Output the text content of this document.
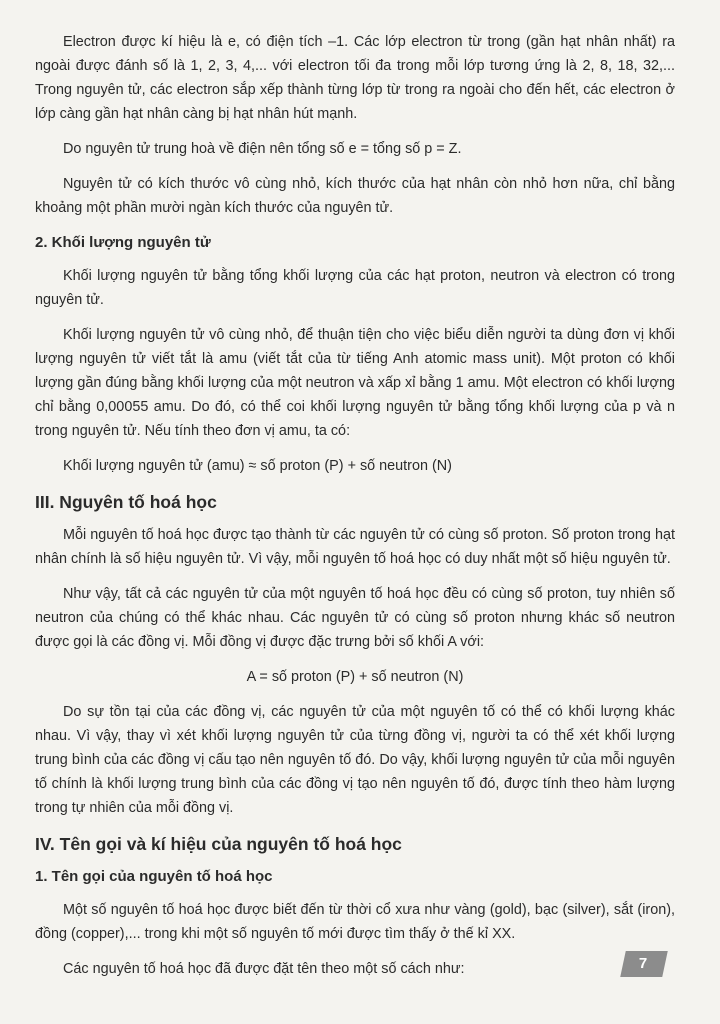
Electron được kí hiệu là e, có điện tích –1. Các lớp electron từ trong (gần hạt nhân nhất) ra ngoài được đánh số là 1, 2, 3, 4,... với electron tối đa trong mỗi lớp tương ứng là 2, 8, 18, 32,... Trong nguyên tử, các electron sắp xếp thành từng lớp từ trong ra ngoài cho đến hết, các electron ở lớp càng gần hạt nhân càng bị hạt nhân hút mạnh.

Do nguyên tử trung hoà về điện nên tổng số e = tổng số p = Z.

Nguyên tử có kích thước vô cùng nhỏ, kích thước của hạt nhân còn nhỏ hơn nữa, chỉ bằng khoảng một phần mười ngàn kích thước của nguyên tử.

2. Khối lượng nguyên tử

Khối lượng nguyên tử bằng tổng khối lượng của các hạt proton, neutron và electron có trong nguyên tử.

Khối lượng nguyên tử vô cùng nhỏ, để thuận tiện cho việc biểu diễn người ta dùng đơn vị khối lượng nguyên tử viết tắt là amu (viết tắt của từ tiếng Anh atomic mass unit). Một proton có khối lượng gần đúng bằng khối lượng của một neutron và xấp xỉ bằng 1 amu. Một electron có khối lượng chỉ bằng 0,00055 amu. Do đó, có thể coi khối lượng nguyên tử bằng tổng khối lượng của p và n trong nguyên tử. Nếu tính theo đơn vị amu, ta có:

Khối lượng nguyên tử (amu) ≈ số proton (P) + số neutron (N)

III. Nguyên tố hoá học

Mỗi nguyên tố hoá học được tạo thành từ các nguyên tử có cùng số proton. Số proton trong hạt nhân chính là số hiệu nguyên tử. Vì vậy, mỗi nguyên tố hoá học có duy nhất một số hiệu nguyên tử.

Như vậy, tất cả các nguyên tử của một nguyên tố hoá học đều có cùng số proton, tuy nhiên số neutron của chúng có thể khác nhau. Các nguyên tử có cùng số proton nhưng khác số neutron được gọi là các đồng vị. Mỗi đồng vị được đặc trưng bởi số khối A với:

A = số proton (P) + số neutron (N)

Do sự tồn tại của các đồng vị, các nguyên tử của một nguyên tố có thể có khối lượng khác nhau. Vì vậy, thay vì xét khối lượng nguyên tử của từng đồng vị, người ta có thể xét khối lượng trung bình của các đồng vị cấu tạo nên nguyên tố đó. Do vậy, khối lượng nguyên tử của mỗi nguyên tố chính là khối lượng trung bình của các đồng vị tạo nên nguyên tố đó, được tính theo hàm lượng trong tự nhiên của mỗi đồng vị.

IV. Tên gọi và kí hiệu của nguyên tố hoá học
1. Tên gọi của nguyên tố hoá học

Một số nguyên tố hoá học được biết đến từ thời cổ xưa như vàng (gold), bạc (silver), sắt (iron), đồng (copper),... trong khi một số nguyên tố mới được tìm thấy ở thế kỉ XX.

Các nguyên tố hoá học đã được đặt tên theo một số cách như:	7
